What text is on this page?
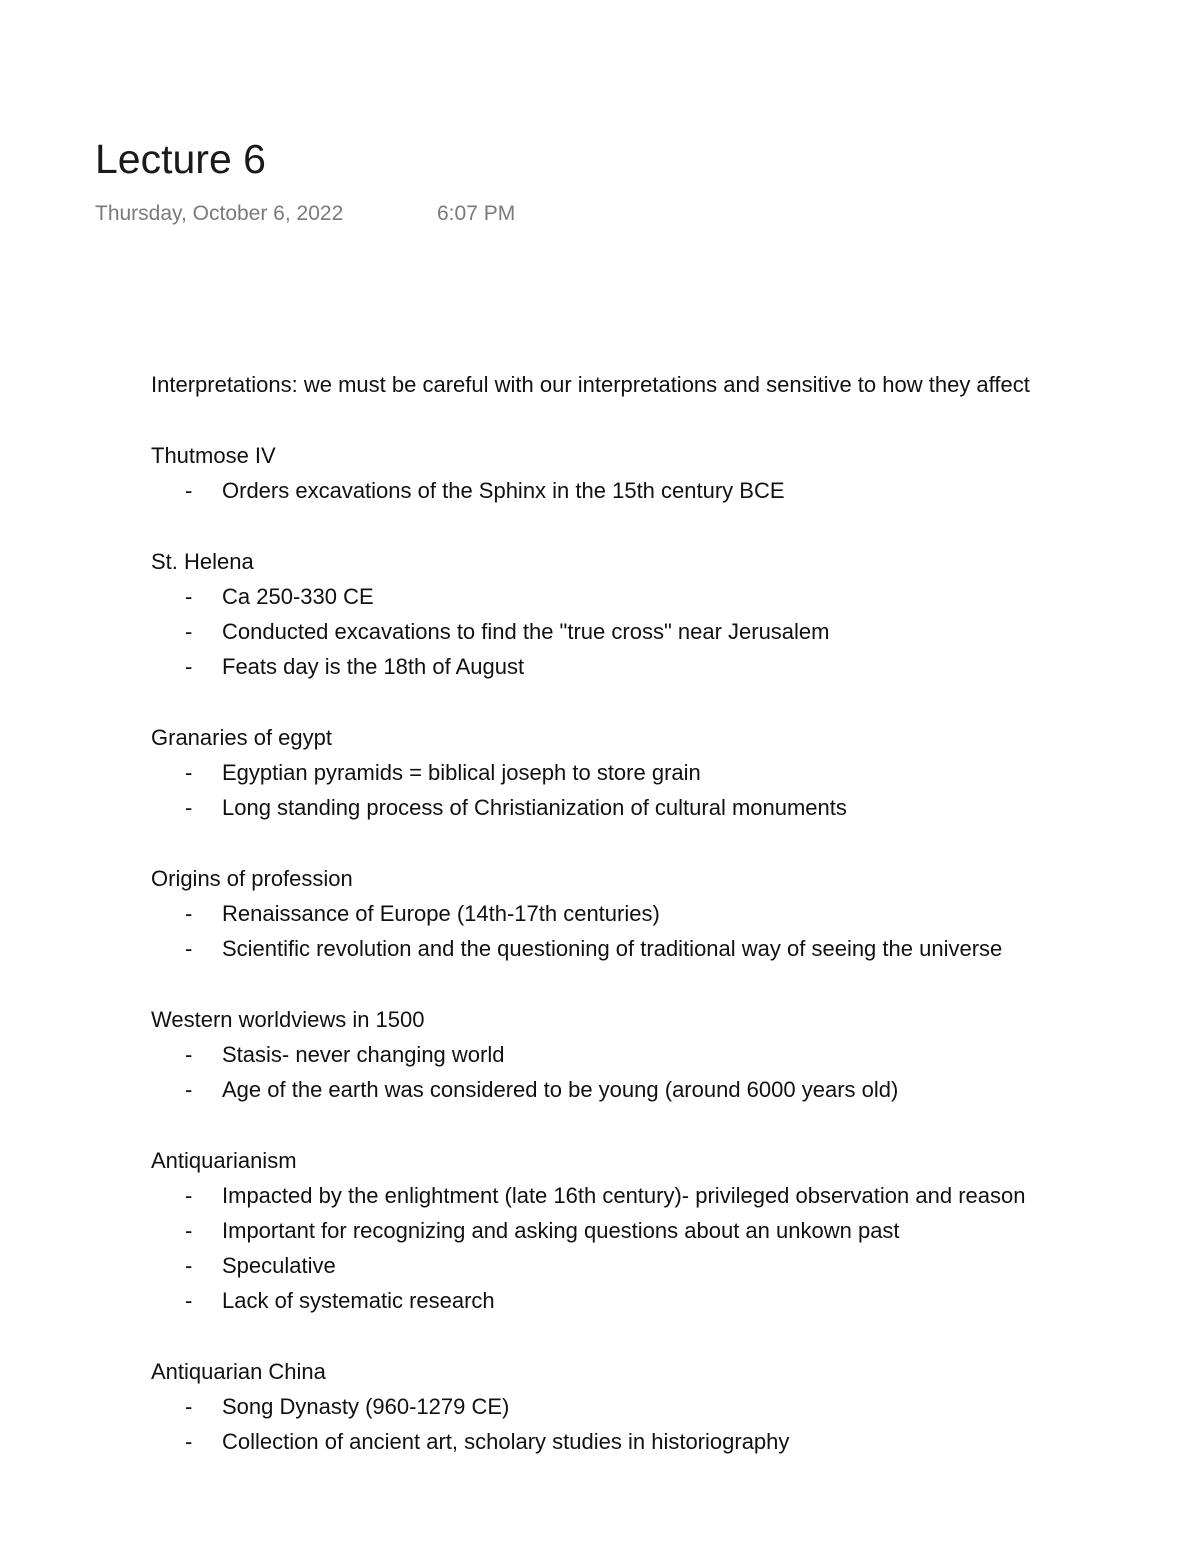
Lecture 6
Thursday, October 6, 2022	6:07 PM
Interpretations: we must be careful with our interpretations and sensitive to how they affect
Thutmose IV
- Orders excavations of the Sphinx in the 15th century BCE
St. Helena
- Ca 250-330 CE
- Conducted excavations to find the "true cross" near Jerusalem
- Feats day is the 18th of August
Granaries of egypt
- Egyptian pyramids = biblical joseph to store grain
- Long standing process of Christianization of cultural monuments
Origins of profession
- Renaissance of Europe (14th-17th centuries)
- Scientific revolution and the questioning of traditional way of seeing the universe
Western worldviews in 1500
- Stasis- never changing world
- Age of the earth was considered to be young (around 6000 years old)
Antiquarianism
- Impacted by the enlightment (late 16th century)- privileged observation and reason
- Important for recognizing and asking questions about an unkown past
- Speculative
- Lack of systematic research
Antiquarian China
- Song Dynasty (960-1279 CE)
- Collection of ancient art, scholary studies in historiography
